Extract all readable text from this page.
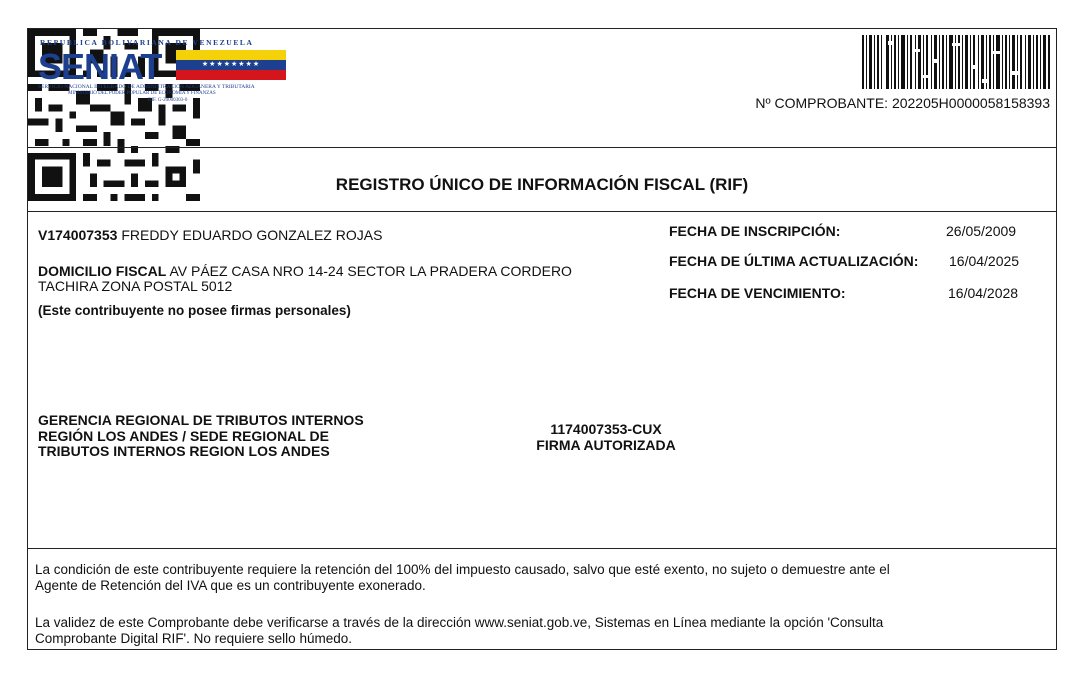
REPUBLICA BOLIVARIANA DE VENEZUELA
SENIAT	★★★★★★★★
SERVICIO NACIONAL INTEGRADO DE ADMINISTRACION ADUANERA Y TRIBUTARIA
MINISTERIO DEL PODER POPULAR DE ECONOMÍA Y FINANZAS
RIF. G-20000303-0	Nº COMPROBANTE: 202205H0000058158393
REGISTRO ÚNICO DE INFORMACIÓN FISCAL (RIF)
V174007353 FREDDY EDUARDO GONZALEZ ROJAS
DOMICILIO FISCAL AV PÁEZ CASA NRO 14-24 SECTOR LA PRADERA CORDERO
TACHIRA ZONA POSTAL 5012
(Este contribuyente no posee firmas personales)
FECHA DE INSCRIPCIÓN:	26/05/2009
FECHA DE ÚLTIMA ACTUALIZACIÓN: 16/04/2025
FECHA DE VENCIMIENTO:	16/04/2028
GERENCIA REGIONAL DE TRIBUTOS INTERNOS
REGIÓN LOS ANDES / SEDE REGIONAL DE
TRIBUTOS INTERNOS REGION LOS ANDES
1174007353-CUX
FIRMA AUTORIZADA
La condición de este contribuyente requiere la retención del 100% del impuesto causado, salvo que esté exento, no sujeto o demuestre ante el
Agente de Retención del IVA que es un contribuyente exonerado.
La validez de este Comprobante debe verificarse a través de la dirección www.seniat.gob.ve, Sistemas en Línea mediante la opción 'Consulta
Comprobante Digital RIF'. No requiere sello húmedo.
